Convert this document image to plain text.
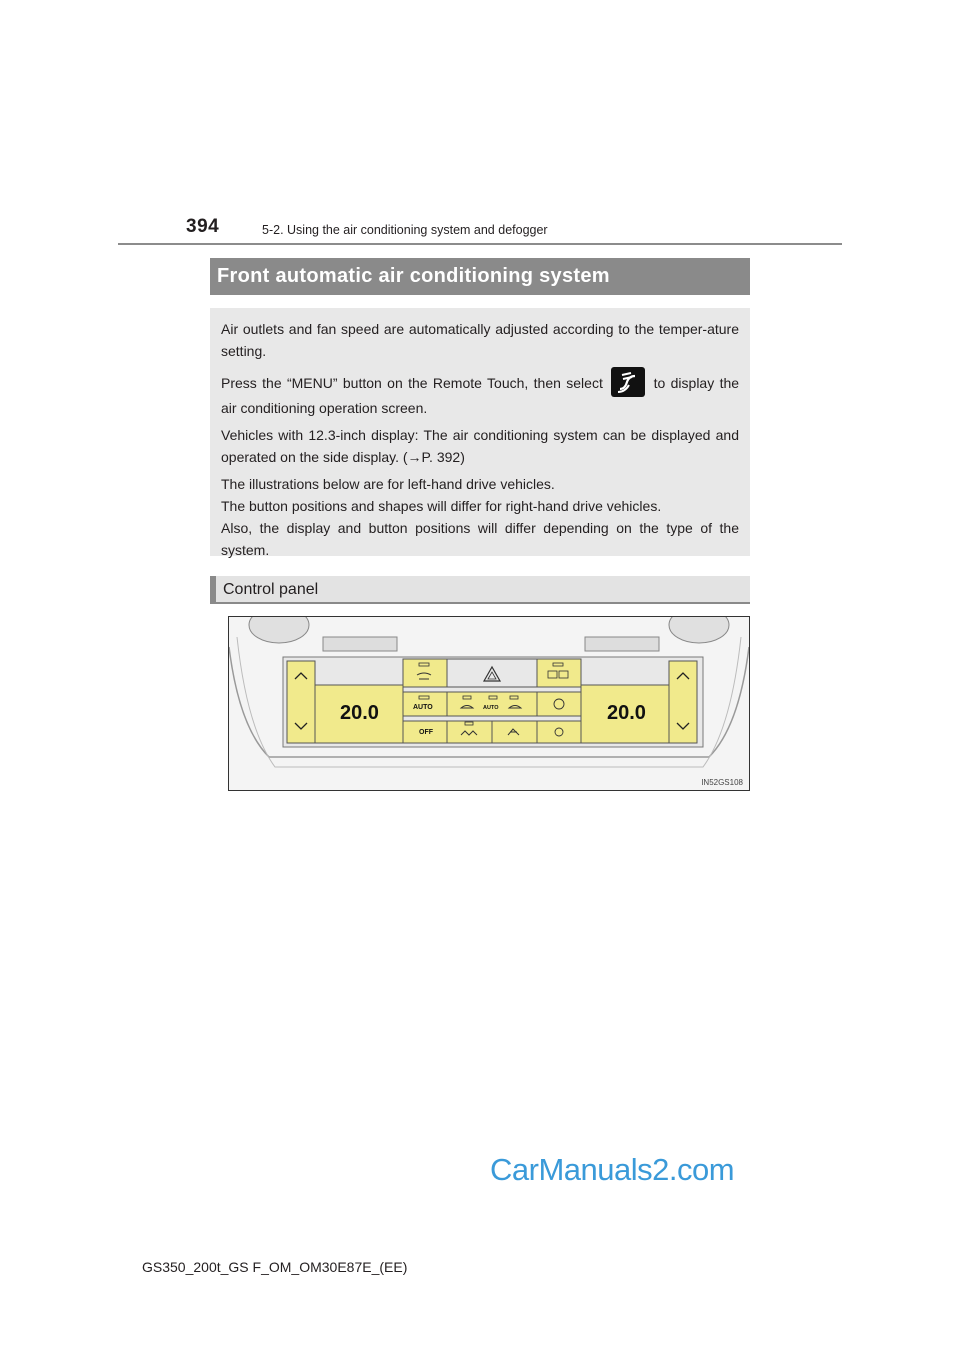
394	5-2. Using the air conditioning system and defogger
Front automatic air conditioning system

Air outlets and fan speed are automatically adjusted according to the temper-ature setting.

Press the “MENU” button on the Remote Touch, then select	to display the air conditioning operation screen.

Vehicles with 12.3-inch display: The air conditioning system can be displayed and operated on the side display. (→P. 392)

The illustrations below are for left-hand drive vehicles.

The button positions and shapes will differ for right-hand drive vehicles.

Also, the display and button positions will differ depending on the type of the system.

Control panel
20.0	20.0
AUTO	AUTO
OFF
IN52GS108
CarManuals2.com
GS350_200t_GS F_OM_OM30E87E_(EE)
